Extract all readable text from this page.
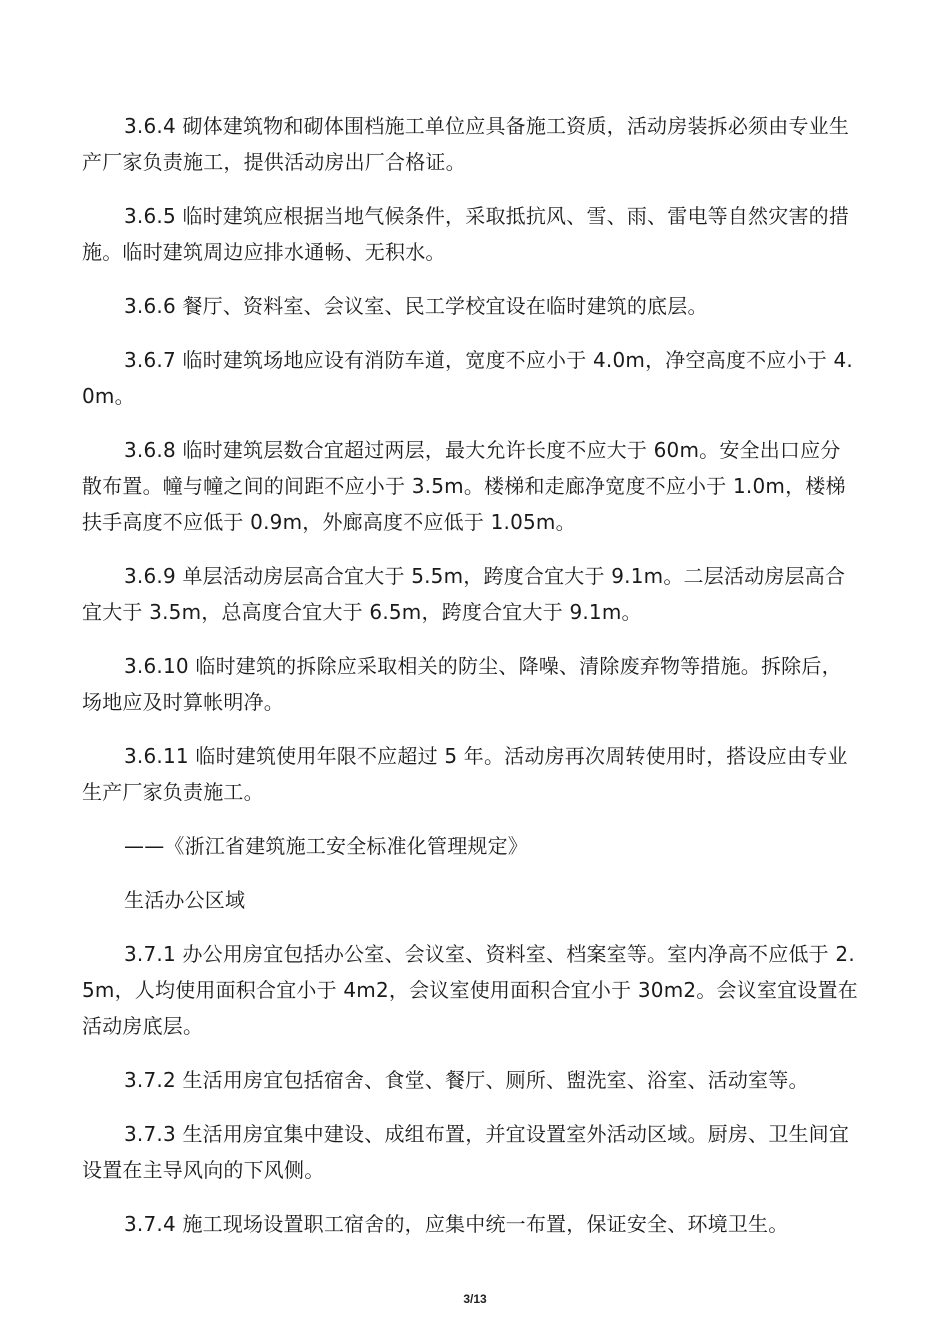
3.6.4 砌体建筑物和砌体围档施工单位应具备施工资质，活动房装拆必须由专业生产厂家负责施工，提供活动房出厂合格证。

3.6.5 临时建筑应根据当地气候条件，采取抵抗风、雪、雨、雷电等自然灾害的措施。临时建筑周边应排水通畅、无积水。

3.6.6 餐厅、资料室、会议室、民工学校宜设在临时建筑的底层。

3.6.7 临时建筑场地应设有消防车道，宽度不应小于 4.0m，净空高度不应小于 4.0m。

3.6.8 临时建筑层数合宜超过两层，最大允许长度不应大于 60m。安全出口应分散布置。幢与幢之间的间距不应小于 3.5m。楼梯和走廊净宽度不应小于 1.0m，楼梯扶手高度不应低于 0.9m，外廊高度不应低于 1.05m。

3.6.9 单层活动房层高合宜大于 5.5m，跨度合宜大于 9.1m。二层活动房层高合宜大于 3.5m，总高度合宜大于 6.5m，跨度合宜大于 9.1m。

3.6.10 临时建筑的拆除应采取相关的防尘、降噪、清除废弃物等措施。拆除后，场地应及时算帐明净。

3.6.11 临时建筑使用年限不应超过 5 年。活动房再次周转使用时，搭设应由专业生产厂家负责施工。

——《浙江省建筑施工安全标准化管理规定》

生活办公区域

3.7.1 办公用房宜包括办公室、会议室、资料室、档案室等。室内净高不应低于 2.5m，人均使用面积合宜小于 4m2，会议室使用面积合宜小于 30m2。会议室宜设置在活动房底层。

3.7.2 生活用房宜包括宿舍、食堂、餐厅、厕所、盥洗室、浴室、活动室等。

3.7.3 生活用房宜集中建设、成组布置，并宜设置室外活动区域。厨房、卫生间宜设置在主导风向的下风侧。

3.7.4 施工现场设置职工宿舍的，应集中统一布置，保证安全、环境卫生。

3/13
